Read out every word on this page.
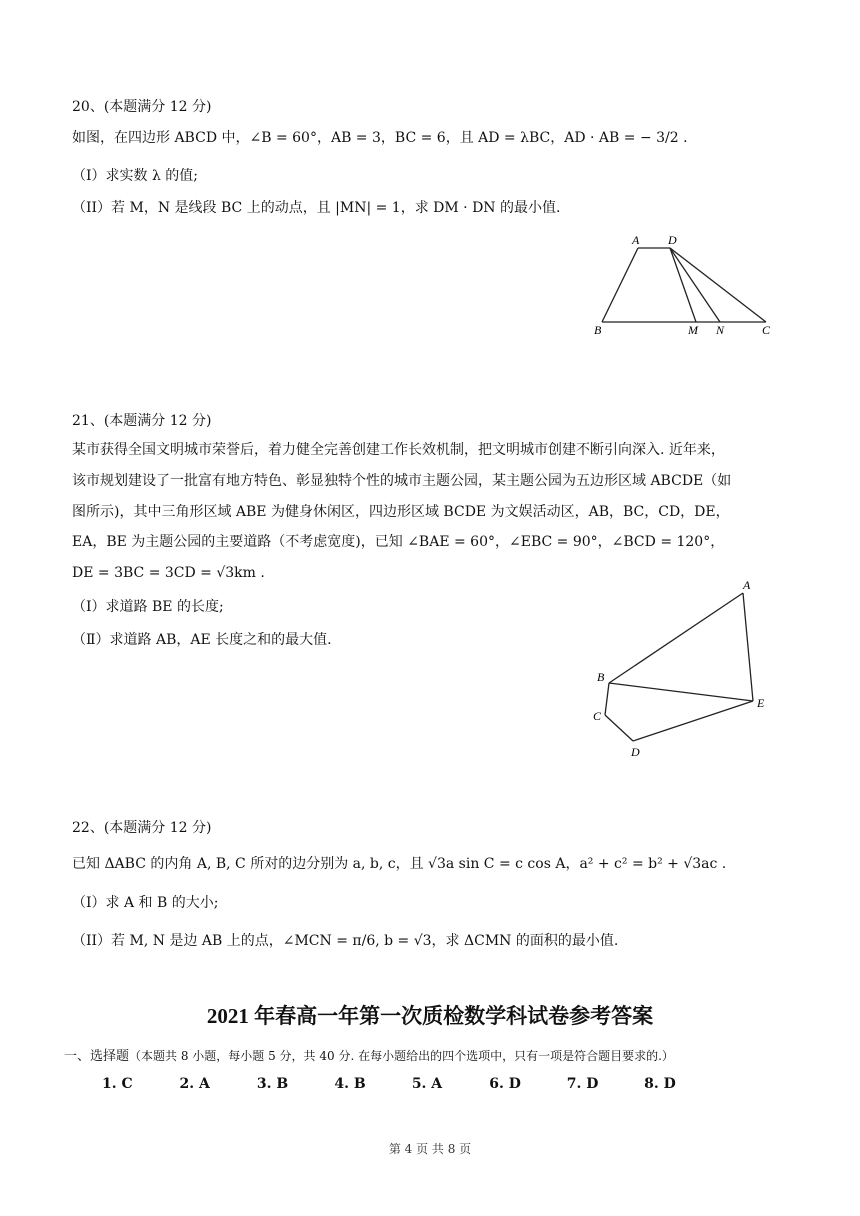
20、(本题满分 12 分)
如图，在四边形 ABCD 中，∠B = 60°，AB = 3，BC = 6，且 AD = λBC，AD · AB = − 3/2 .
（I）求实数 λ 的值;
（II）若 M，N 是线段 BC 上的动点，且 |MN| = 1，求 DM · DN 的最小值.
A D
B	M N	C
21、(本题满分 12 分)
某市获得全国文明城市荣誉后，着力健全完善创建工作长效机制，把文明城市创建不断引向深入. 近年来，
该市规划建设了一批富有地方特色、彰显独特个性的城市主题公园，某主题公园为五边形区域 ABCDE（如
图所示)，其中三角形区域 ABE 为健身休闲区，四边形区域 BCDE 为文娱活动区，AB，BC，CD，DE，
EA，BE 为主题公园的主要道路（不考虑宽度)，已知 ∠BAE = 60°，∠EBC = 90°，∠BCD = 120°，
DE = 3BC = 3CD = √3km .
（Ⅰ）求道路 BE 的长度;
（Ⅱ）求道路 AB，AE 长度之和的最大值.
A
B
C
D
E
22、(本题满分 12 分)
已知 ΔABC 的内角 A, B, C 所对的边分别为 a, b, c，且 √3a sin C = c cos A，a² + c² = b² + √3ac .
（I）求 A 和 B 的大小;
（II）若 M, N 是边 AB 上的点，∠MCN = π/6, b = √3，求 ΔCMN 的面积的最小值.
2021 年春高一年第一次质检数学科试卷参考答案
一、选择题（本题共 8 小题，每小题 5 分，共 40 分. 在每小题给出的四个选项中，只有一项是符合题目要求的.）
1. C	2. A	3. B	4. B	5. A	6. D	7. D	8. D
第 4 页 共 8 页
